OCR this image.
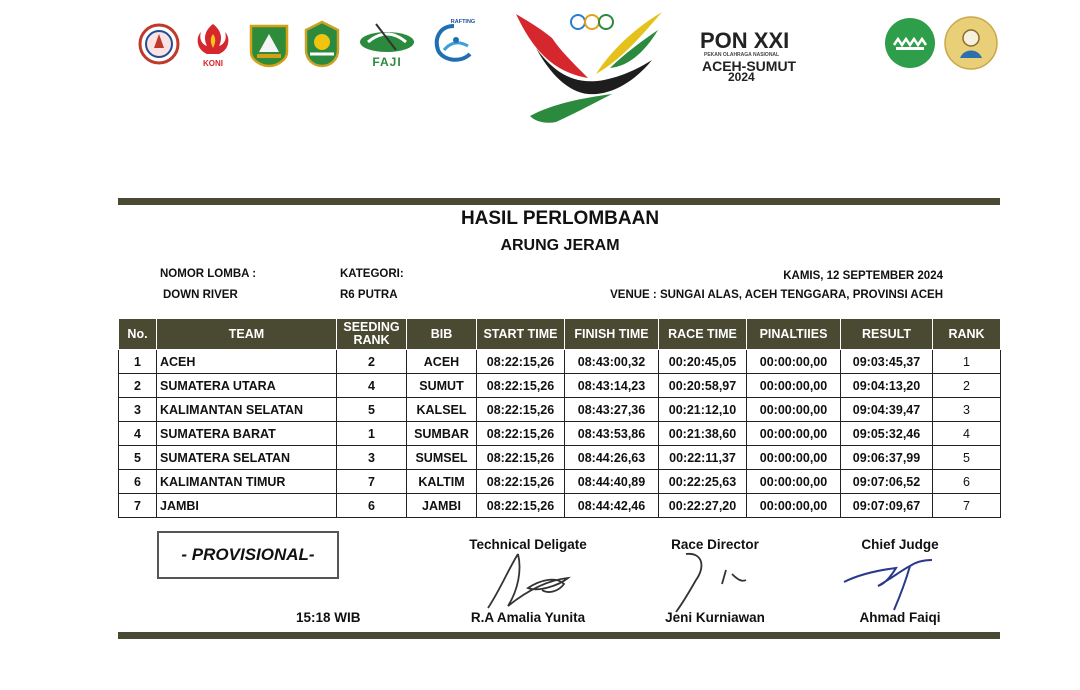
KONI	FAJI
RAFTING
PON XXI
PEKAN OLAHRAGA NASIONAL
ACEH-SUMUT
2024
HASIL PERLOMBAAN
ARUNG JERAM
NOMOR LOMBA :
DOWN RIVER
KATEGORI:
R6 PUTRA
KAMIS, 12 SEPTEMBER 2024
VENUE : SUNGAI ALAS, ACEH TENGGARA, PROVINSI ACEH
No.	TEAM	SEEDING RANK	BIB	START TIME	FINISH TIME	RACE TIME	PINALTIIES	RESULT	RANK
1	ACEH	2	ACEH	08:22:15,26	08:43:00,32	00:20:45,05	00:00:00,00	09:03:45,37	1
2	SUMATERA UTARA	4	SUMUT	08:22:15,26	08:43:14,23	00:20:58,97	00:00:00,00	09:04:13,20	2
3	KALIMANTAN SELATAN	5	KALSEL	08:22:15,26	08:43:27,36	00:21:12,10	00:00:00,00	09:04:39,47	3
4	SUMATERA BARAT	1	SUMBAR	08:22:15,26	08:43:53,86	00:21:38,60	00:00:00,00	09:05:32,46	4
5	SUMATERA SELATAN	3	SUMSEL	08:22:15,26	08:44:26,63	00:22:11,37	00:00:00,00	09:06:37,99	5
6	KALIMANTAN TIMUR	7	KALTIM	08:22:15,26	08:44:40,89	00:22:25,63	00:00:00,00	09:07:06,52	6
7	JAMBI	6	JAMBI	08:22:15,26	08:44:42,46	00:22:27,20	00:00:00,00	09:07:09,67	7
- PROVISIONAL-
15:18 WIB
Technical Deligate
R.A Amalia Yunita
Race Director
Jeni Kurniawan
Chief Judge
Ahmad Faiqi
